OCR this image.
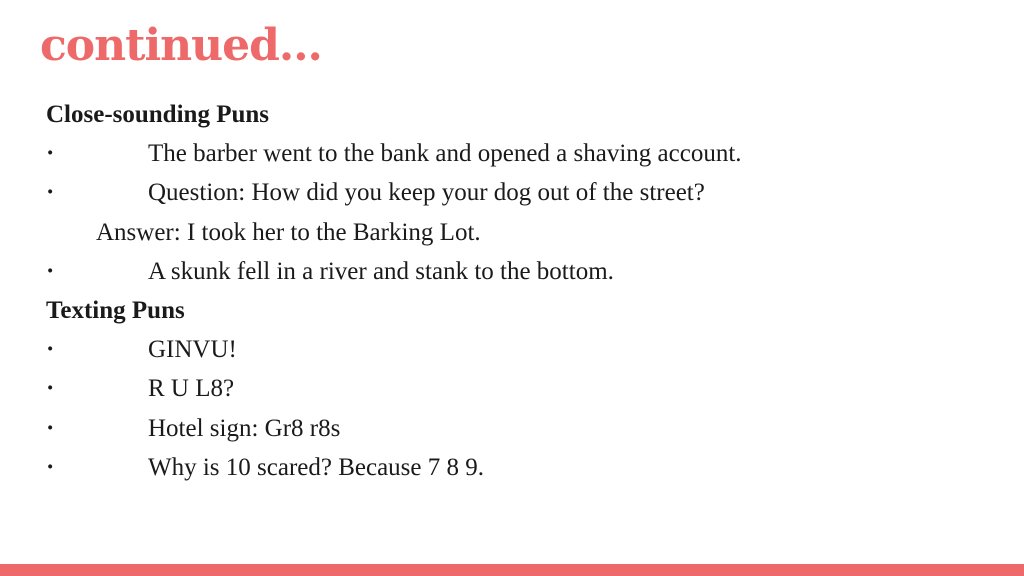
continued...
Close-sounding Puns
·	The barber went to the bank and opened a shaving account.
·	Question: How did you keep your dog out of the street?
Answer: I took her to the Barking Lot.
·	A skunk fell in a river and stank to the bottom.
Texting Puns
·	GINVU!
·	R U L8?
·	Hotel sign: Gr8 r8s
·	Why is 10 scared? Because 7 8 9.
